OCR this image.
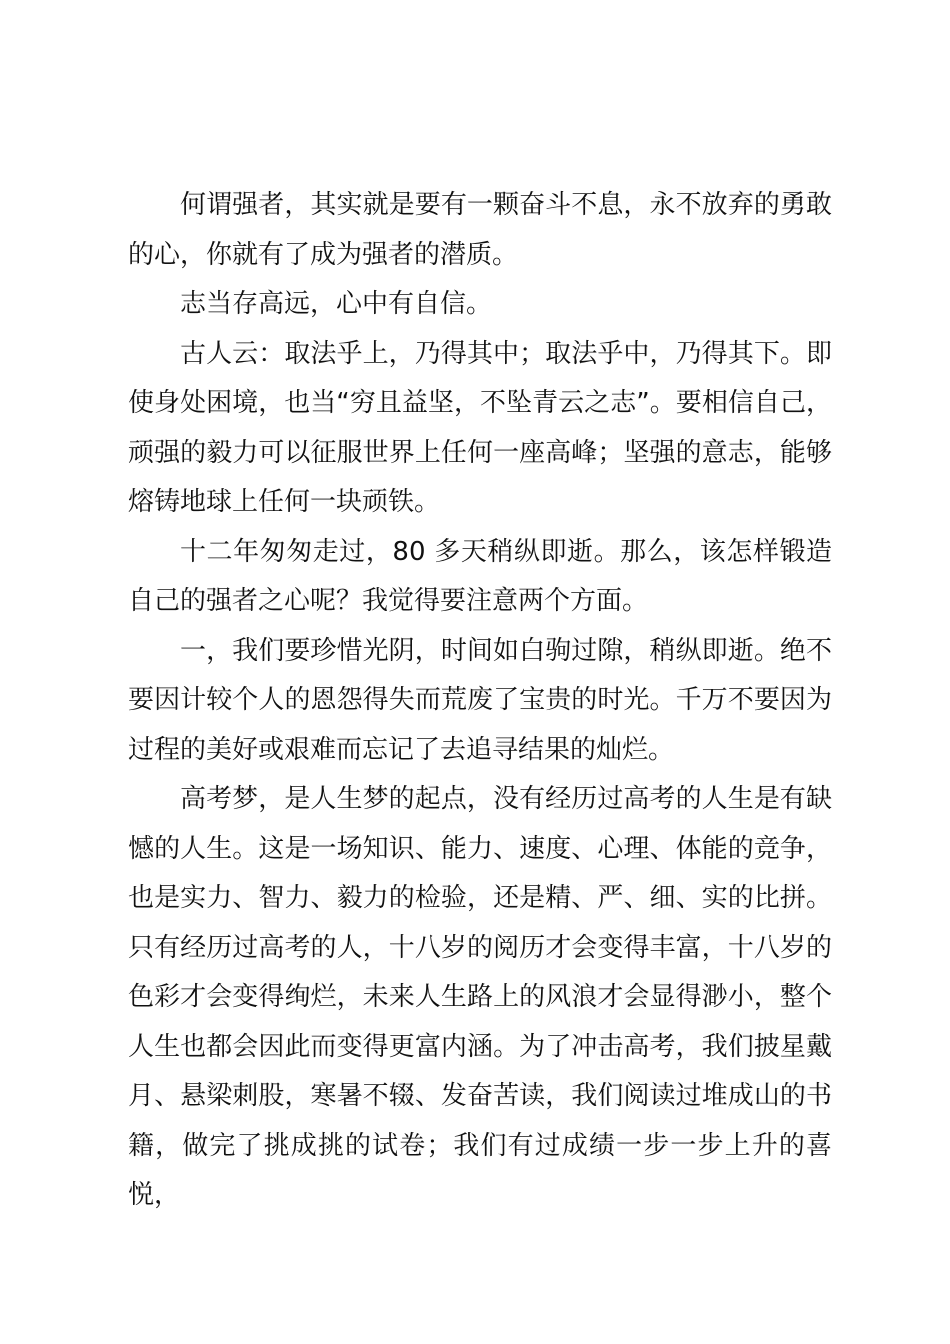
何谓强者，其实就是要有一颗奋斗不息，永不放弃的勇敢的心，你就有了成为强者的潜质。

志当存高远，心中有自信。

古人云：取法乎上，乃得其中；取法乎中，乃得其下。即使身处困境，也当“穷且益坚，不坠青云之志”。要相信自己，顽强的毅力可以征服世界上任何一座高峰；坚强的意志，能够熔铸地球上任何一块顽铁。

十二年匆匆走过，80 多天稍纵即逝。那么，该怎样锻造自己的强者之心呢？我觉得要注意两个方面。

一，我们要珍惜光阴，时间如白驹过隙，稍纵即逝。绝不要因计较个人的恩怨得失而荒废了宝贵的时光。千万不要因为过程的美好或艰难而忘记了去追寻结果的灿烂。

高考梦，是人生梦的起点，没有经历过高考的人生是有缺憾的人生。这是一场知识、能力、速度、心理、体能的竞争，也是实力、智力、毅力的检验，还是精、严、细、实的比拼。只有经历过高考的人，十八岁的阅历才会变得丰富，十八岁的色彩才会变得绚烂，未来人生路上的风浪才会显得渺小，整个人生也都会因此而变得更富内涵。为了冲击高考，我们披星戴月、悬梁刺股，寒暑不辍、发奋苦读，我们阅读过堆成山的书籍，做完了挑成挑的试卷；我们有过成绩一步一步上升的喜悦，
